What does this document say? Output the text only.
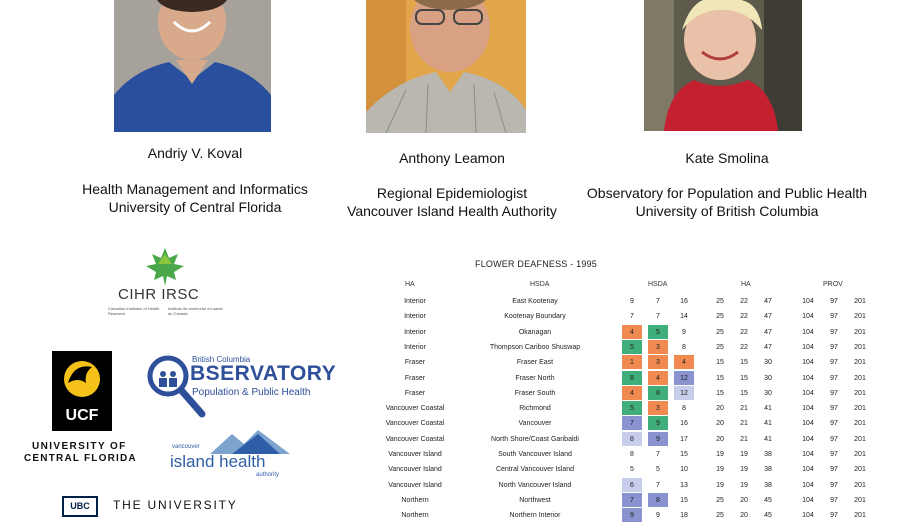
Andriy V. Koval
Health Management and Informatics
University of Central Florida
Anthony Leamon
Regional Epidemiologist
Vancouver Island Health Authority
Kate Smolina
Observatory for Population and Public Health
University of British Columbia
CIHR IRSC
Canadian Institutes of Health Research
Instituts de recherche en santé du Canada
UCF
UNIVERSITY OF
CENTRAL FLORIDA
British Columbia
BSERVATORY
Population & Public Health
vancouver
island health
authority
UBC	THE UNIVERSITY
FLOWER DEAFNESS - 1995
HA	HSDA	HSDA	HA	PROV
Interior	East Kootenay	9	7	16	25	22	47	104	97	201
Interior	Kootenay Boundary	7	7	14	25	22	47	104	97	201
Interior	Okanagan	4	5	9	25	22	47	104	97	201
Interior	Thompson Cariboo Shuswap	5	3	8	25	22	47	104	97	201
Fraser	Fraser East	1	3	4	15	15	30	104	97	201
Fraser	Fraser North	8	4	12	15	15	30	104	97	201
Fraser	Fraser South	4	8	12	15	15	30	104	97	201
Vancouver Coastal	Richmond	5	3	8	20	21	41	104	97	201
Vancouver Coastal	Vancouver	7	9	16	20	21	41	104	97	201
Vancouver Coastal	North Shore/Coast Garibaldi	8	9	17	20	21	41	104	97	201
Vancouver Island	South Vancouver Island	8	7	15	19	19	38	104	97	201
Vancouver Island	Central Vancouver Island	5	5	10	19	19	38	104	97	201
Vancouver Island	North Vancouver Island	6	7	13	19	19	38	104	97	201
Northern	Northwest	7	8	15	25	20	45	104	97	201
Northern	Northern Interior	9	9	18	25	20	45	104	97	201
